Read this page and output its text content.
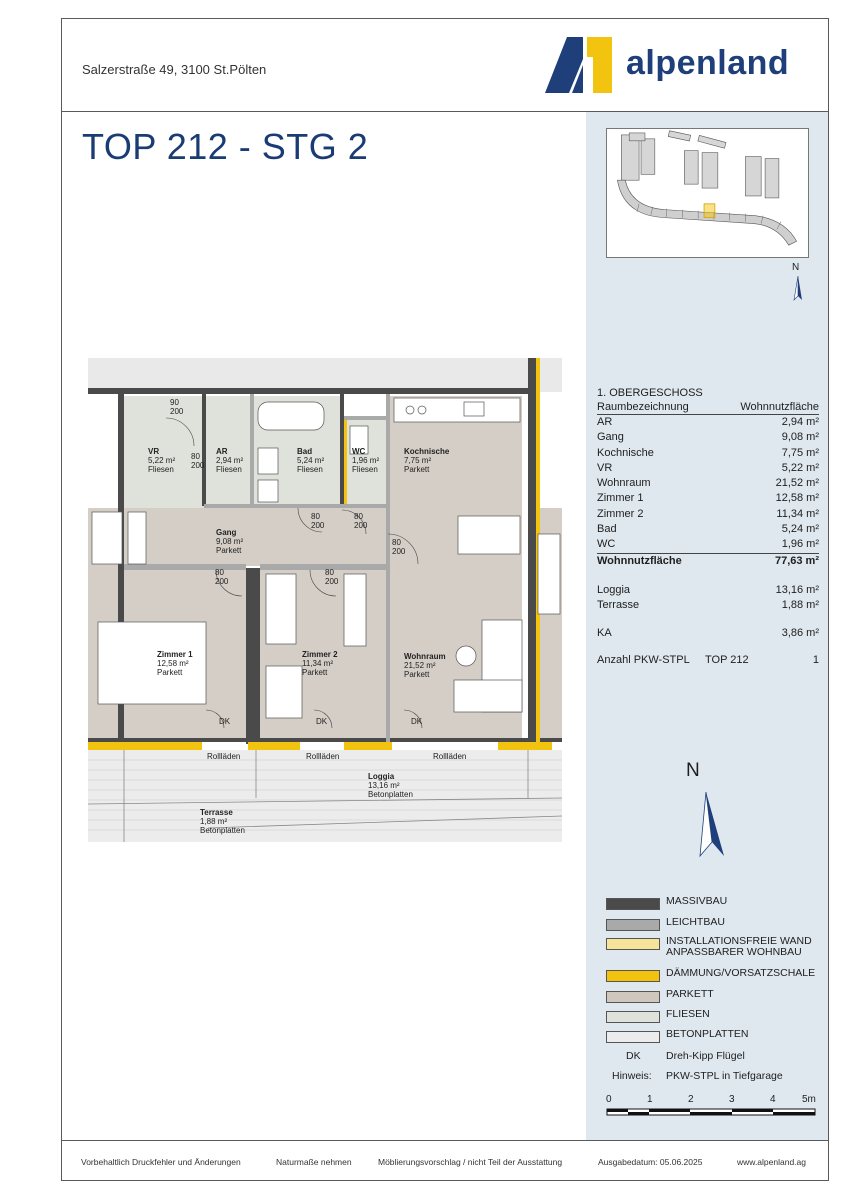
Salzerstraße 49, 3100 St.Pölten	alpenland
TOP 212 - STG 2
N
VR
5,22 m²
Fliesen
AR
2,94 m²
Fliesen
Bad
5,24 m²
Fliesen
WC
1,96 m²
Fliesen
Kochnische
7,75 m²
Parkett
Gang
9,08 m²
Parkett
Zimmer 1
12,58 m²
Parkett
Zimmer 2
11,34 m²
Parkett
Wohnraum
21,52 m²
Parkett
Loggia
13,16 m²
Betonplatten
Terrasse
1,88 m²
Betonplatten
Rollläden	Rollläden	Rollläden
DK	DK	DK
80
200
90
200
80
200
80
200
80
200
80
200
80
200
1. OBERGESCHOSS
Raumbezeichnung	Wohnnutzfläche
AR	2,94 m²
Gang	9,08 m²
Kochnische	7,75 m²
VR	5,22 m²
Wohnraum	21,52 m²
Zimmer 1	12,58 m²
Zimmer 2	11,34 m²
Bad	5,24 m²
WC	1,96 m²
Wohnnutzfläche	77,63 m²
Loggia	13,16 m²
Terrasse	1,88 m²
KA	3,86 m²
Anzahl PKW-STPL TOP 212	1
N
MASSIVBAU
LEICHTBAU
INSTALLATIONSFREIE WAND
ANPASSBARER WOHNBAU
DÄMMUNG/VORSATZSCHALE
PARKETT
FLIESEN
BETONPLATTEN
DK Dreh-Kipp Flügel
Hinweis: PKW-STPL in Tiefgarage
0	1	2	3	4	5m
Vorbehaltlich Druckfehler und Änderungen	Naturmaße nehmen	Möblierungsvorschlag / nicht Teil der Ausstattung	Ausgabedatum: 05.06.2025	www.alpenland.ag
